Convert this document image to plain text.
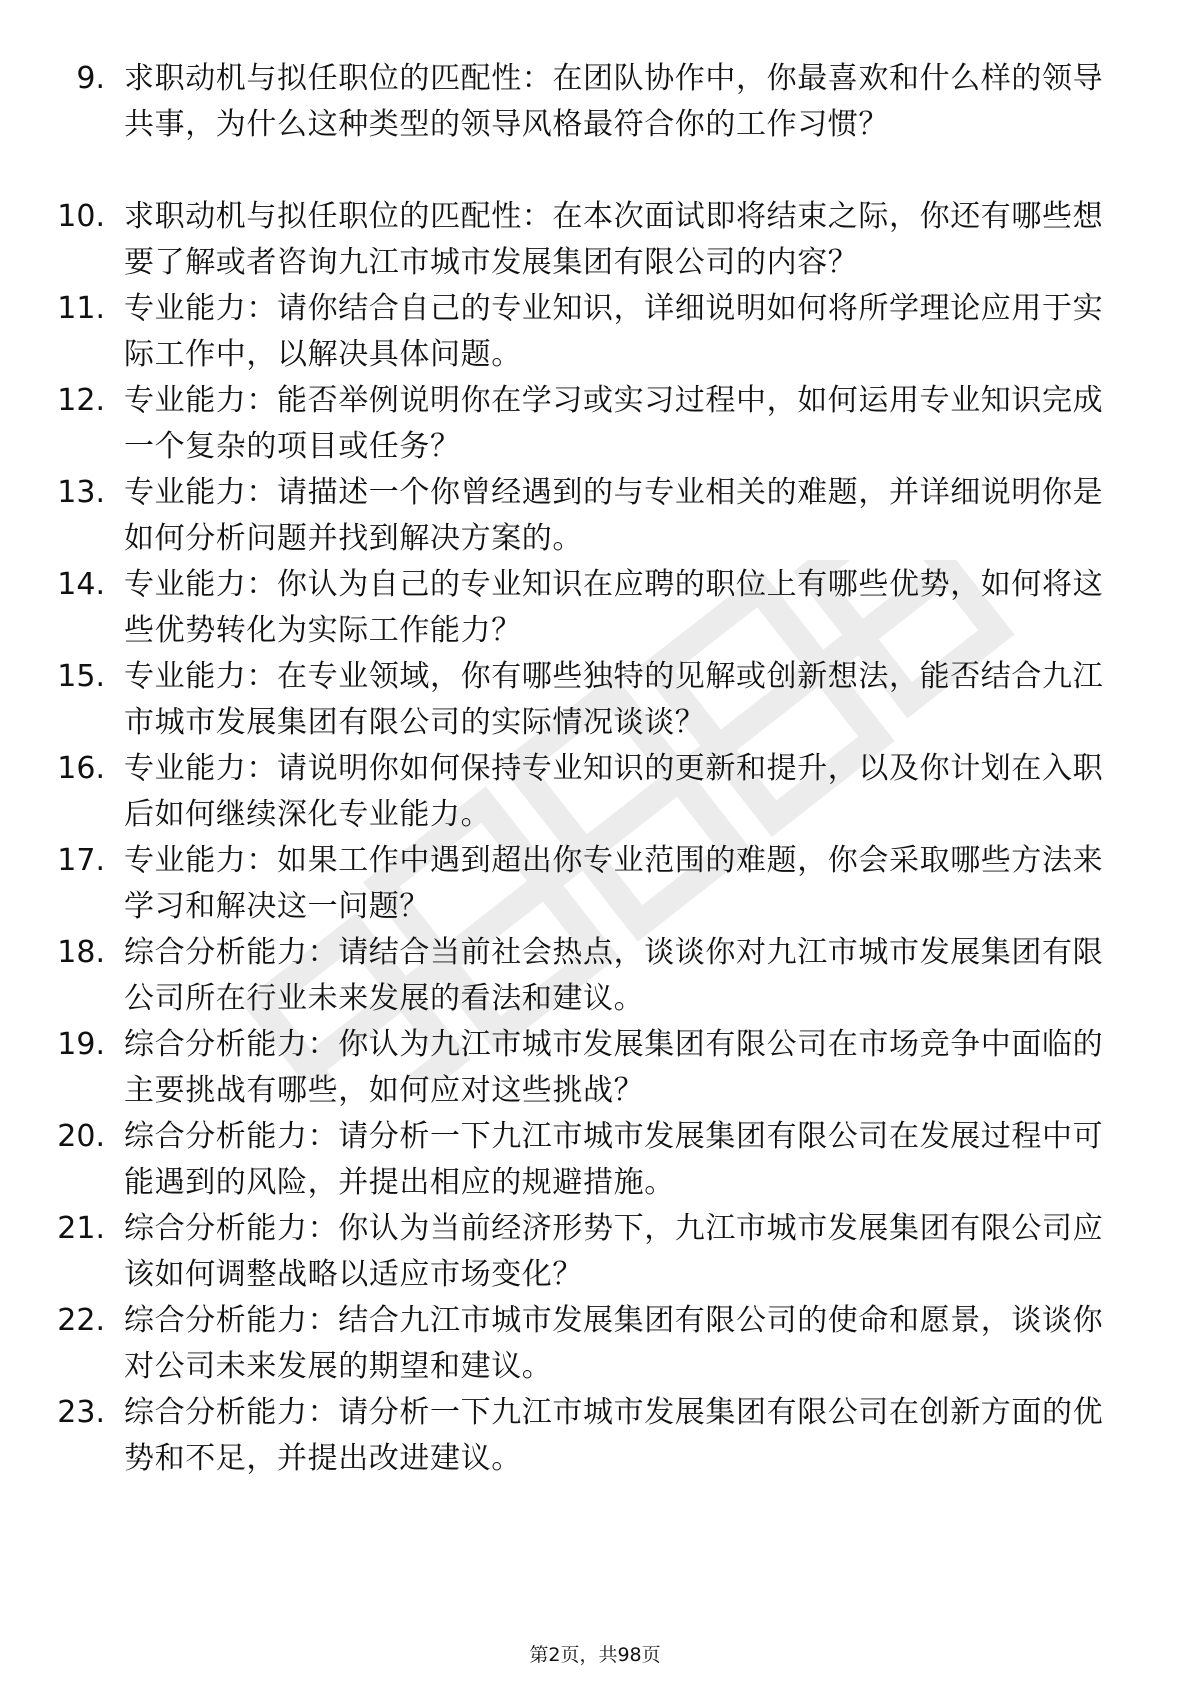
9. 求职动机与拟任职位的匹配性：在团队协作中，你最喜欢和什么样的领导共事，为什么这种类型的领导风格最符合你的工作习惯？
10. 求职动机与拟任职位的匹配性：在本次面试即将结束之际，你还有哪些想要了解或者咨询九江市城市发展集团有限公司的内容？
11. 专业能力：请你结合自己的专业知识，详细说明如何将所学理论应用于实际工作中，以解决具体问题。
12. 专业能力：能否举例说明你在学习或实习过程中，如何运用专业知识完成一个复杂的项目或任务？
13. 专业能力：请描述一个你曾经遇到的与专业相关的难题，并详细说明你是如何分析问题并找到解决方案的。
14. 专业能力：你认为自己的专业知识在应聘的职位上有哪些优势，如何将这些优势转化为实际工作能力？
15. 专业能力：在专业领域，你有哪些独特的见解或创新想法，能否结合九江市城市发展集团有限公司的实际情况谈谈？
16. 专业能力：请说明你如何保持专业知识的更新和提升，以及你计划在入职后如何继续深化专业能力。
17. 专业能力：如果工作中遇到超出你专业范围的难题，你会采取哪些方法来学习和解决这一问题？
18. 综合分析能力：请结合当前社会热点，谈谈你对九江市城市发展集团有限公司所在行业未来发展的看法和建议。
19. 综合分析能力：你认为九江市城市发展集团有限公司在市场竞争中面临的主要挑战有哪些，如何应对这些挑战？
20. 综合分析能力：请分析一下九江市城市发展集团有限公司在发展过程中可能遇到的风险，并提出相应的规避措施。
21. 综合分析能力：你认为当前经济形势下，九江市城市发展集团有限公司应该如何调整战略以适应市场变化？
22. 综合分析能力：结合九江市城市发展集团有限公司的使命和愿景，谈谈你对公司未来发展的期望和建议。
23. 综合分析能力：请分析一下九江市城市发展集团有限公司在创新方面的优势和不足，并提出改进建议。
第2页，共98页
